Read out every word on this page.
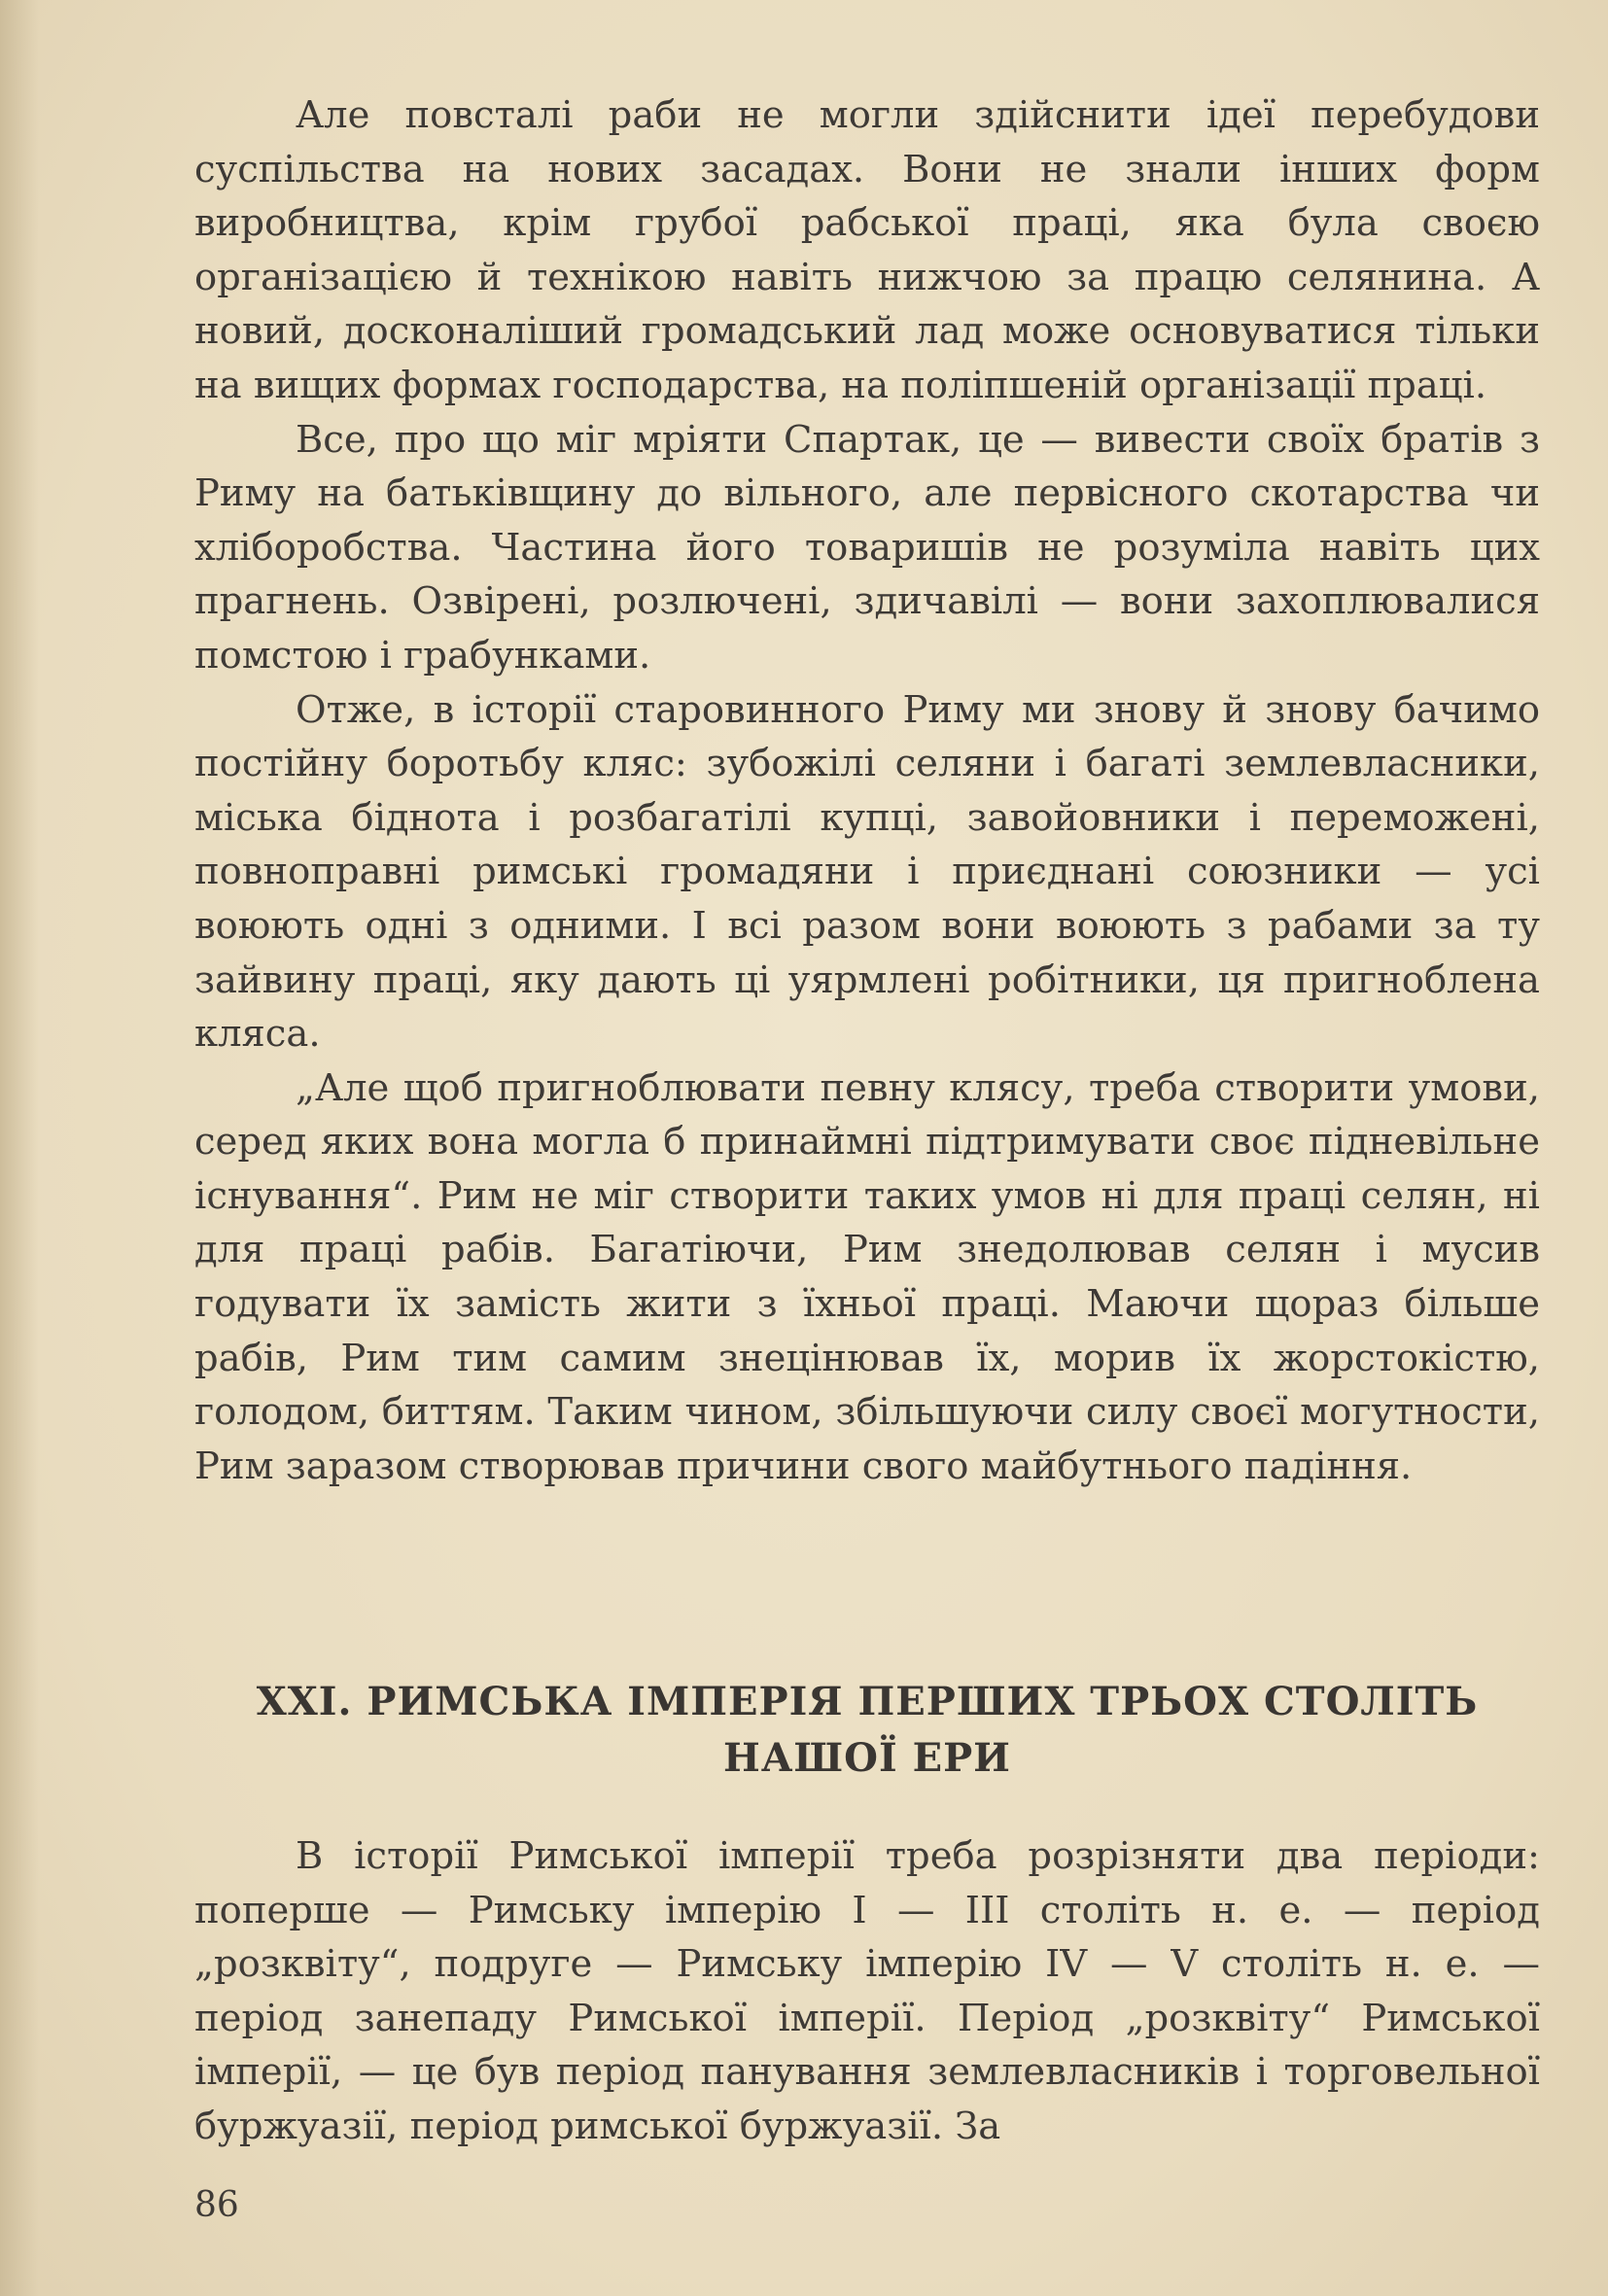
Але повсталі раби не могли здійснити ідеї перебудови суспільства на нових засадах. Вони не знали інших форм виробництва, крім грубої рабської праці, яка була своєю організацією й технікою навіть нижчою за працю селянина. А новий, досконаліший громадський лад може основуватися тільки на вищих формах господарства, на поліпшеній організації праці.

Все, про що міг мріяти Спартак, це — вивести своїх братів з Риму на батьківщину до вільного, але первісного скотарства чи хліборобства. Частина його товаришів не розуміла навіть цих прагнень. Озвірені, розлючені, здичавілі — вони захоплювалися помстою і грабунками.

Отже, в історії старовинного Риму ми знову й знову бачимо постійну боротьбу кляс: зубожілі селяни і багаті землевласники, міська біднота і розбагатілі купці, завойовники і переможені, повноправні римські громадяни і приєднані союзники — усі воюють одні з одними. І всі разом вони воюють з рабами за ту зайвину праці, яку дають ці уярмлені робітники, ця пригноблена кляса.

„Але щоб пригноблювати певну клясу, треба створити умови, серед яких вона могла б принаймні підтримувати своє підневільне існування“. Рим не міг створити таких умов ні для праці селян, ні для праці рабів. Багатіючи, Рим знедолював селян і мусив годувати їх замість жити з їхньої праці. Маючи щораз більше рабів, Рим тим самим знецінював їх, морив їх жорстокістю, голодом, биттям. Таким чином, збільшуючи силу своєї могутности, Рим заразом створював причини свого майбутнього падіння.

XXI. РИМСЬКА ІМПЕРІЯ ПЕРШИХ ТРЬОХ СТОЛІТЬ
НАШОЇ ЕРИ

В історії Римської імперії треба розрізняти два періоди: поперше — Римську імперію I — III століть н. е. — період „розквіту“, подруге — Римську імперію IV — V століть н. е. — період занепаду Римської імперії. Період „розквіту“ Римської імперії, — це був період панування землевласників і торговельної буржуазії, період римської буржуазії. За

86
